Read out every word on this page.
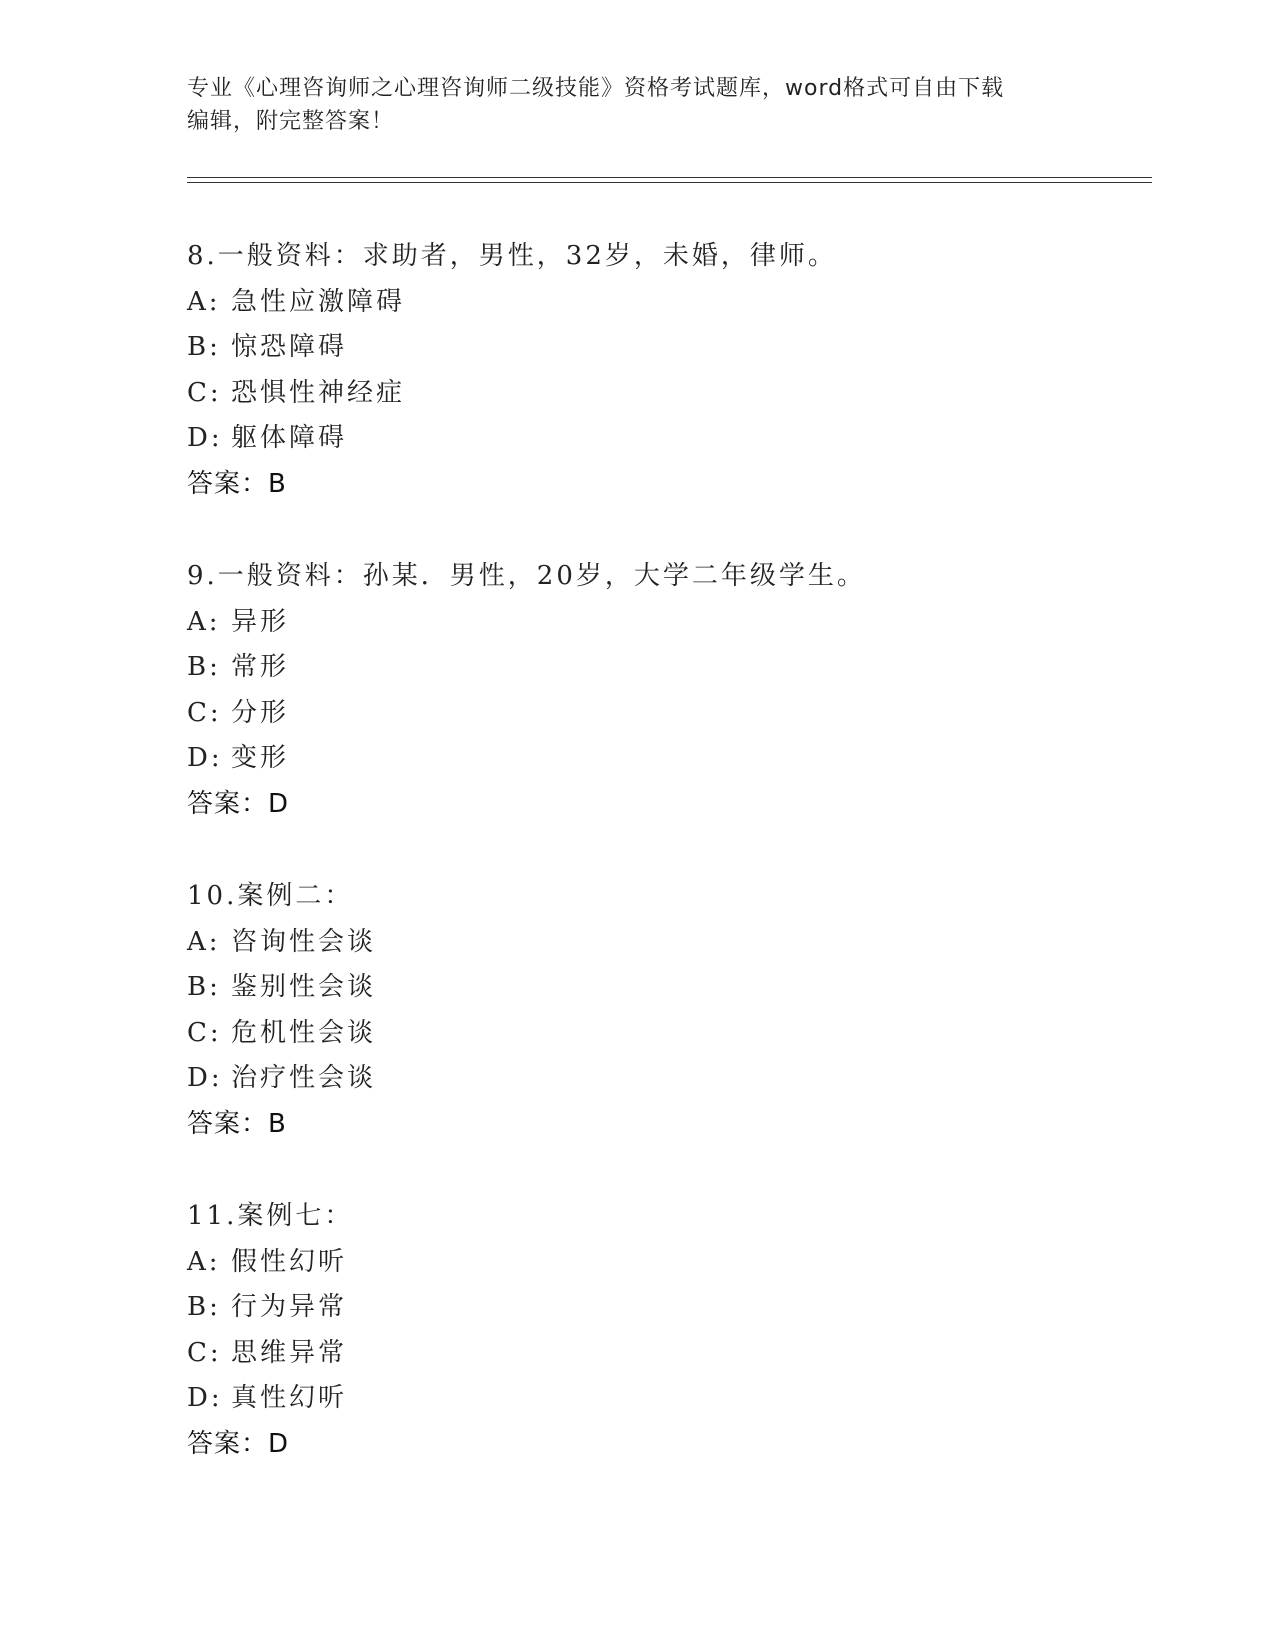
专业《心理咨询师之心理咨询师二级技能》资格考试题库，word格式可自由下载
编辑，附完整答案！
8.一般资料：求助者，男性，32岁，未婚，律师。
A: 急性应激障碍
B: 惊恐障碍
C: 恐惧性神经症
D: 躯体障碍
答案：B
9.一般资料：孙某．男性，20岁，大学二年级学生。
A: 异形
B: 常形
C: 分形
D: 变形
答案：D
10.案例二：
A: 咨询性会谈
B: 鉴别性会谈
C: 危机性会谈
D: 治疗性会谈
答案：B
11.案例七：
A: 假性幻听
B: 行为异常
C: 思维异常
D: 真性幻听
答案：D
